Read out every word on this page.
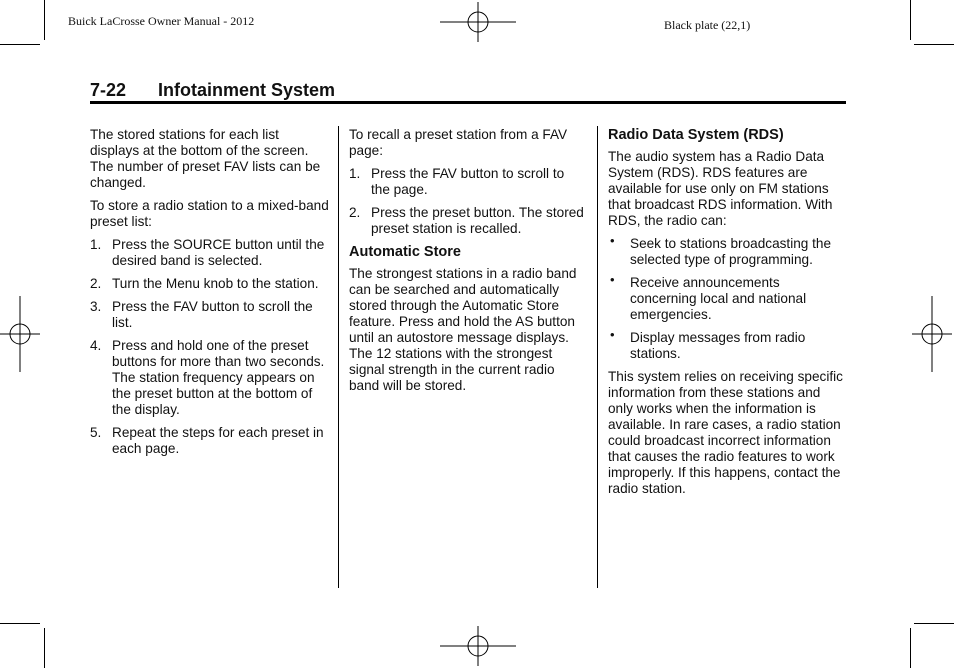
Buick LaCrosse Owner Manual - 2012	Black plate (22,1)
7-22 Infotainment System

The stored stations for each list displays at the bottom of the screen. The number of preset FAV lists can be changed.

To store a radio station to a mixed-band preset list:

1. Press the SOURCE button until the desired band is selected.
2. Turn the Menu knob to the station.
3. Press the FAV button to scroll the list.
4. Press and hold one of the preset buttons for more than two seconds. The station frequency appears on the preset button at the bottom of the display.
5. Repeat the steps for each preset in each page.

To recall a preset station from a FAV page:

1. Press the FAV button to scroll to the page.
2. Press the preset button. The stored preset station is recalled.
Automatic Store

The strongest stations in a radio band can be searched and automatically stored through the Automatic Store feature. Press and hold the AS button until an autostore message displays. The 12 stations with the strongest signal strength in the current radio band will be stored.

Radio Data System (RDS)

The audio system has a Radio Data System (RDS). RDS features are available for use only on FM stations that broadcast RDS information. With RDS, the radio can:

• Seek to stations broadcasting the selected type of programming.
• Receive announcements concerning local and national emergencies.
• Display messages from radio stations.

This system relies on receiving specific information from these stations and only works when the information is available. In rare cases, a radio station could broadcast incorrect information that causes the radio features to work improperly. If this happens, contact the radio station.
